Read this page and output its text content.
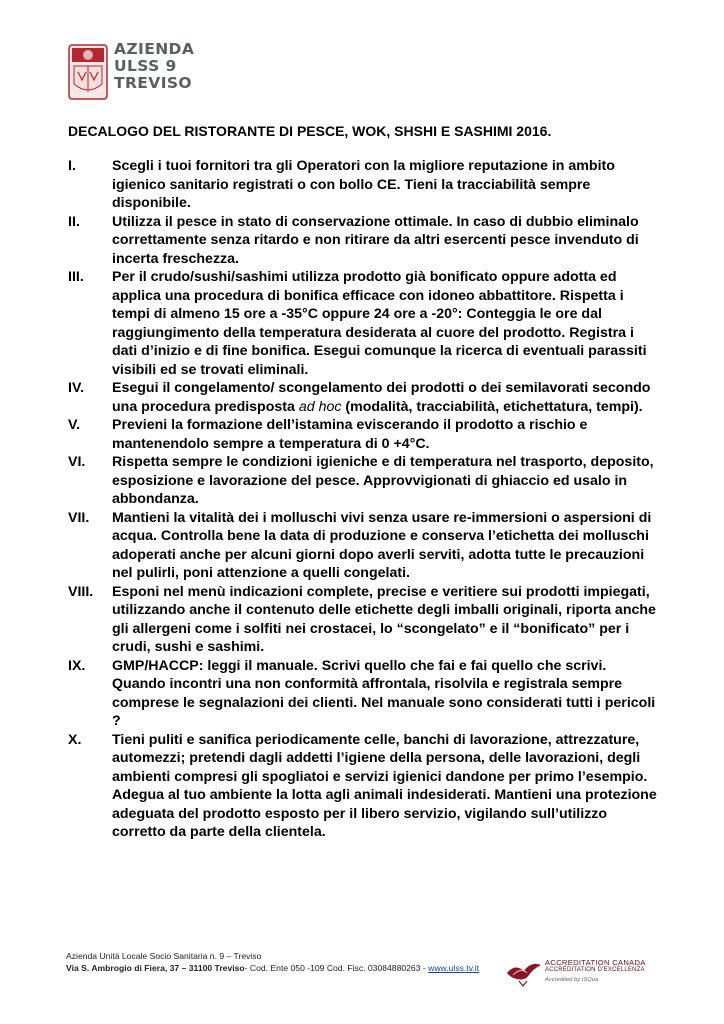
AZIENDA
ULSS 9
TREVISO
DECALOGO DEL RISTORANTE DI PESCE, WOK, SHSHI E SASHIMI 2016.
I.	Scegli i tuoi fornitori tra gli Operatori con la migliore reputazione in ambito igienico sanitario registrati o con bollo CE. Tieni la tracciabilità sempre disponibile.
II.	Utilizza il pesce in stato di conservazione ottimale. In caso di dubbio eliminalo correttamente senza ritardo e non ritirare da altri esercenti pesce invenduto di incerta freschezza.
III.	Per il crudo/sushi/sashimi utilizza prodotto già bonificato oppure adotta ed applica una procedura di bonifica efficace con idoneo abbattitore. Rispetta i tempi di almeno 15 ore a -35°C oppure 24 ore a -20°: Conteggia le ore dal raggiungimento della temperatura desiderata al cuore del prodotto. Registra i dati d’inizio e di fine bonifica. Esegui comunque la ricerca di eventuali parassiti visibili ed se trovati eliminali.
IV.	Esegui il congelamento/ scongelamento dei prodotti o dei semilavorati secondo una procedura predisposta ad hoc (modalità, tracciabilità, etichettatura, tempi).
V.	Previeni la formazione dell’istamina eviscerando il prodotto a rischio e mantenendolo sempre a temperatura di 0 +4°C.
VI.	Rispetta sempre le condizioni igieniche e di temperatura nel trasporto, deposito, esposizione e lavorazione del pesce. Approvvigionati di ghiaccio ed usalo in abbondanza.
VII.	Mantieni la vitalità dei i molluschi vivi senza usare re-immersioni o aspersioni di acqua. Controlla bene la data di produzione e conserva l’etichetta dei molluschi adoperati anche per alcuni giorni dopo averli serviti, adotta tutte le precauzioni nel pulirli, poni attenzione a quelli congelati.
VIII.	Esponi nel menù indicazioni complete, precise e veritiere sui prodotti impiegati, utilizzando anche il contenuto delle etichette degli imballi originali, riporta anche gli allergeni come i solfiti nei crostacei, lo “scongelato” e il “bonificato” per i crudi, sushi e sashimi.
IX.	GMP/HACCP: leggi il manuale. Scrivi quello che fai e fai quello che scrivi. Quando incontri una non conformità affrontala, risolvila e registrala sempre comprese le segnalazioni dei clienti. Nel manuale sono considerati tutti i pericoli ?
X.	Tieni puliti e sanifica periodicamente celle, banchi di lavorazione, attrezzature, automezzi; pretendi dagli addetti l’igiene della persona, delle lavorazioni, degli ambienti compresi gli spogliatoi e servizi igienici dandone per primo l’esempio. Adegua al tuo ambiente la lotta agli animali indesiderati. Mantieni una protezione adeguata del prodotto esposto per il libero servizio, vigilando sull’utilizzo corretto da parte della clientela.
Azienda Unità Locale Socio Sanitaria n. 9 – Treviso
Via S. Ambrogio di Fiera, 37 – 31100 Treviso- Cod. Ente 050 -109 Cod. Fisc. 03084880263 - www.ulss.tv.it
ACCREDITATION CANADA
ACCRÉDITATION D’EXCELLENZA
Accredited by ISQua
